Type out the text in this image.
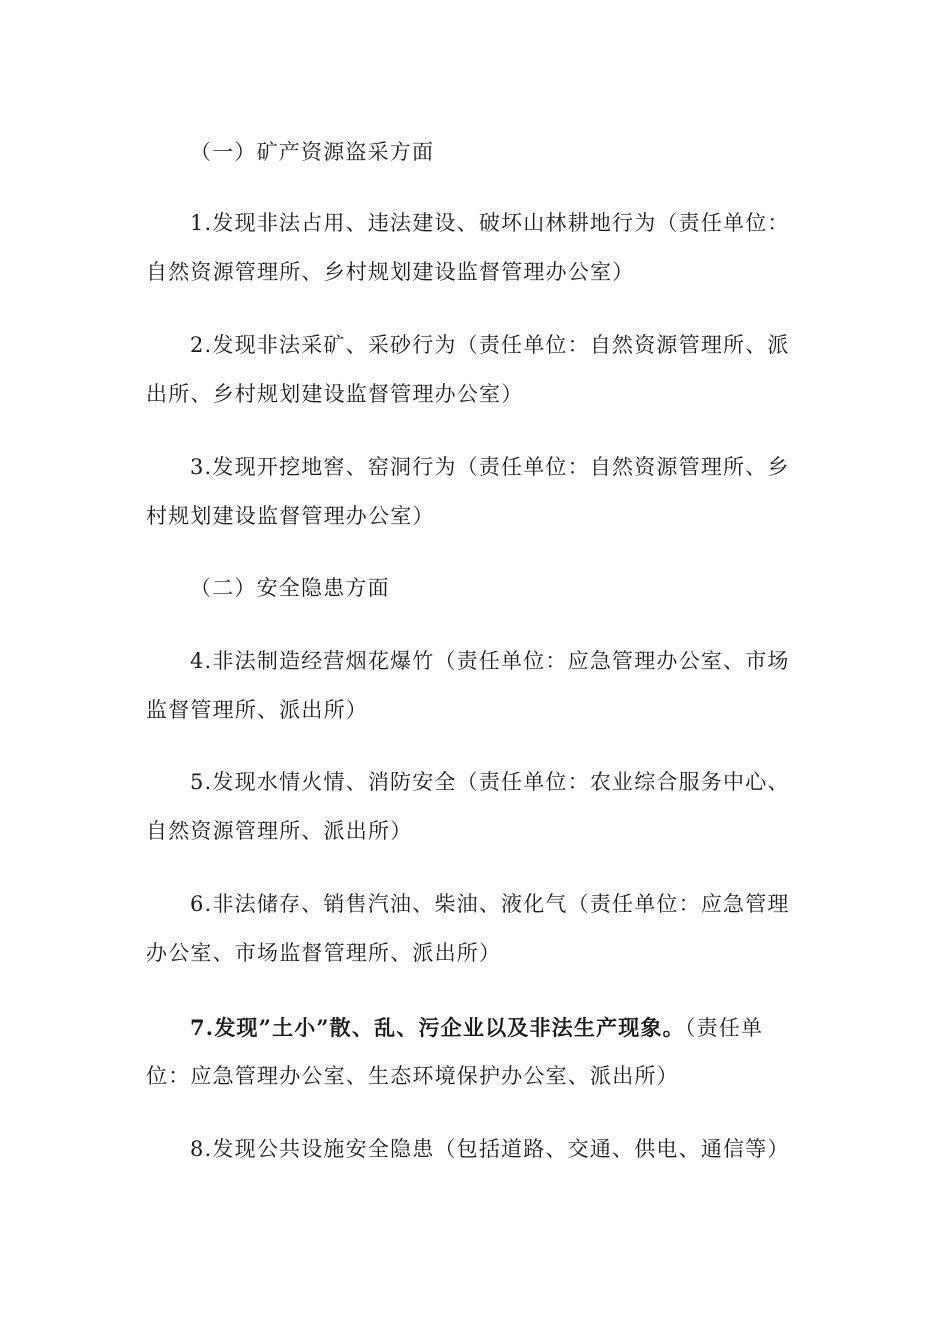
（一）矿产资源盗采方面
1.发现非法占用、违法建设、破坏山林耕地行为（责任单位：
自然资源管理所、乡村规划建设监督管理办公室）
2.发现非法采矿、采砂行为（责任单位：自然资源管理所、派
出所、乡村规划建设监督管理办公室）
3.发现开挖地窖、窑洞行为（责任单位：自然资源管理所、乡
村规划建设监督管理办公室）
（二）安全隐患方面
4.非法制造经营烟花爆竹（责任单位：应急管理办公室、市场
监督管理所、派出所）
5.发现水情火情、消防安全（责任单位：农业综合服务中心、
自然资源管理所、派出所）
6.非法储存、销售汽油、柴油、液化气（责任单位：应急管理
办公室、市场监督管理所、派出所）
7.发现”土小”散、乱、污企业以及非法生产现象。（责任单
位：应急管理办公室、生态环境保护办公室、派出所）
8.发现公共设施安全隐患（包括道路、交通、供电、通信等）
